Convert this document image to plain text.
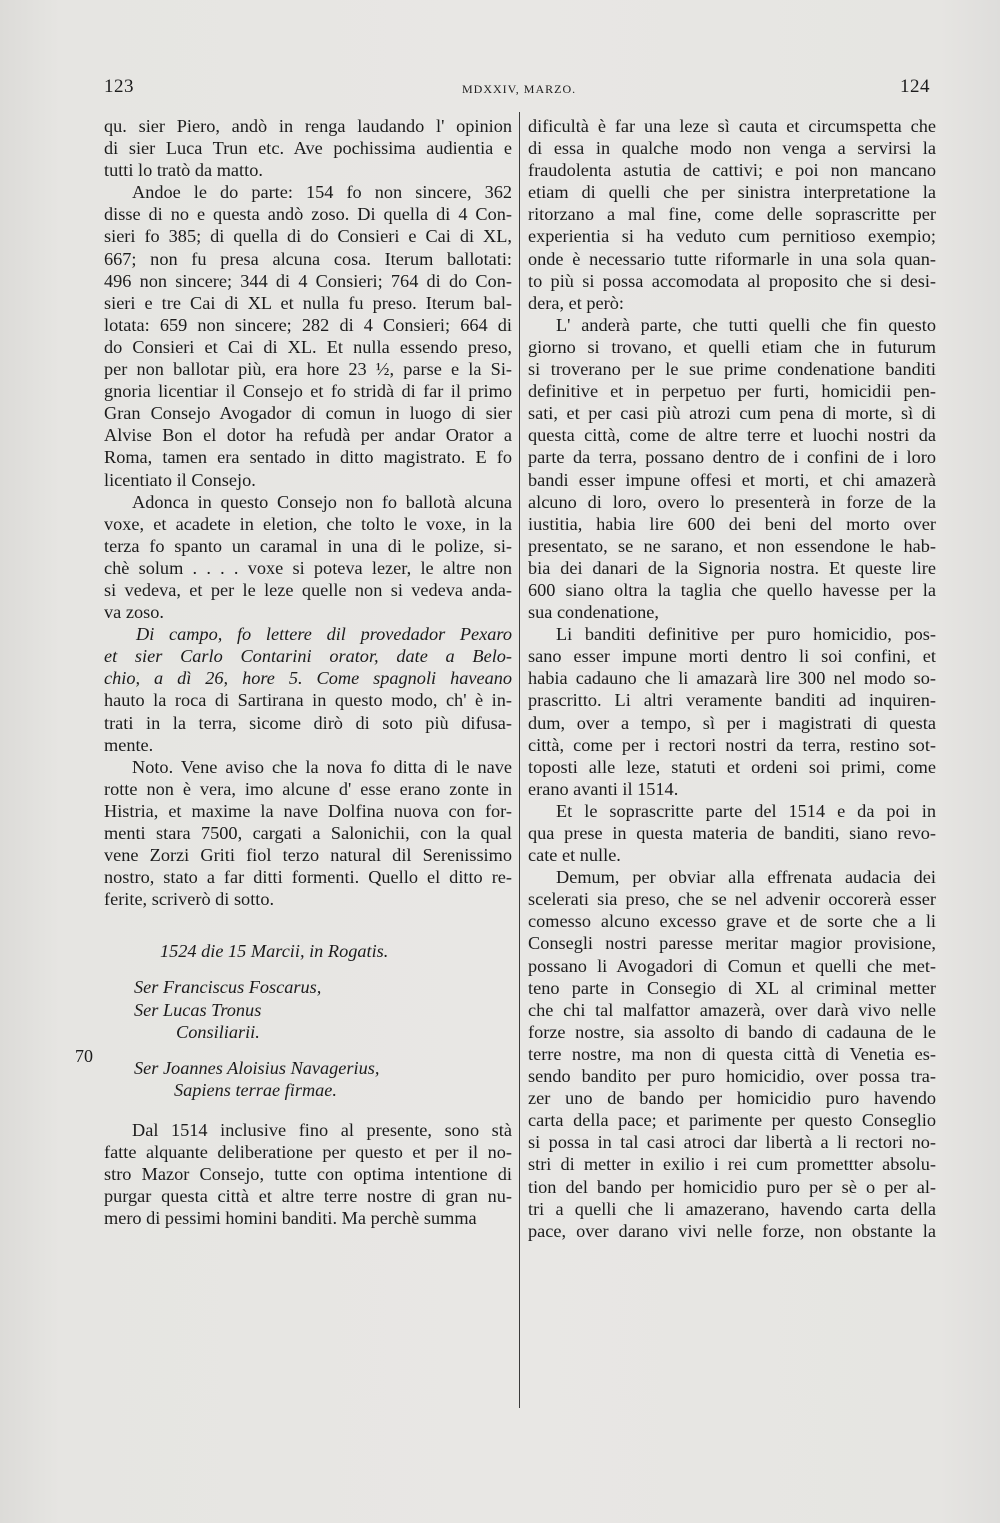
123	MDXXIV, MARZO.	124
70
qu. sier Piero, andò in renga laudando l' opinion
di sier Luca Trun etc. Ave pochissima audientia e
tutti lo tratò da matto.
Andoe le do parte: 154 fo non sincere, 362
disse di no e questa andò zoso. Di quella di 4 Con-
sieri fo 385; di quella di do Consieri e Cai di XL,
667; non fu presa alcuna cosa. Iterum ballotati:
496 non sincere; 344 di 4 Consieri; 764 di do Con-
sieri e tre Cai di XL et nulla fu preso. Iterum bal-
lotata: 659 non sincere; 282 di 4 Consieri; 664 di
do Consieri et Cai di XL. Et nulla essendo preso,
per non ballotar più, era hore 23 ½, parse e la Si-
gnoria licentiar il Consejo et fo stridà di far il primo
Gran Consejo Avogador di comun in luogo di sier
Alvise Bon el dotor ha refudà per andar Orator a
Roma, tamen era sentado in ditto magistrato. E fo
licentiato il Consejo.
Adonca in questo Consejo non fo ballotà alcuna
voxe, et acadete in eletion, che tolto le voxe, in la
terza fo spanto un caramal in una di le polize, si-
chè solum . . . . voxe si poteva lezer, le altre non
si vedeva, et per le leze quelle non si vedeva anda-
va zoso.
Di campo, fo lettere dil provedador Pexaro
et sier Carlo Contarini orator, date a Belo-
chio, a dì 26, hore 5. Come spagnoli haveano
hauto la roca di Sartirana in questo modo, ch' è in-
trati in la terra, sicome dirò di soto più difusa-
mente.
Noto. Vene aviso che la nova fo ditta di le nave
rotte non è vera, imo alcune d' esse erano zonte in
Histria, et maxime la nave Dolfina nuova con for-
menti stara 7500, cargati a Salonichii, con la qual
vene Zorzi Griti fiol terzo natural dil Serenissimo
nostro, stato a far ditti formenti. Quello el ditto re-
ferite, scriverò di sotto.
1524 die 15 Marcii, in Rogatis.
Ser Franciscus Foscarus,
Ser Lucas Tronus
Consiliarii.
Ser Joannes Aloisius Navagerius,
Sapiens terrae firmae.
Dal 1514 inclusive fino al presente, sono stà
fatte alquante deliberatione per questo et per il no-
stro Mazor Consejo, tutte con optima intentione di
purgar questa città et altre terre nostre di gran nu-
mero di pessimi homini banditi. Ma perchè summa
dificultà è far una leze sì cauta et circumspetta che
di essa in qualche modo non venga a servirsi la
fraudolenta astutia de cattivi; e poi non mancano
etiam di quelli che per sinistra interpretatione la
ritorzano a mal fine, come delle soprascritte per
experientia si ha veduto cum pernitioso exempio;
onde è necessario tutte riformarle in una sola quan-
to più si possa accomodata al proposito che si desi-
dera, et però:
L' anderà parte, che tutti quelli che fin questo
giorno si trovano, et quelli etiam che in futurum
si troverano per le sue prime condenatione banditi
definitive et in perpetuo per furti, homicidii pen-
sati, et per casi più atrozi cum pena di morte, sì di
questa città, come de altre terre et luochi nostri da
parte da terra, possano dentro de i confini de i loro
bandi esser impune offesi et morti, et chi amazerà
alcuno di loro, overo lo presenterà in forze de la
iustitia, habia lire 600 dei beni del morto over
presentato, se ne sarano, et non essendone le hab-
bia dei danari de la Signoria nostra. Et queste lire
600 siano oltra la taglia che quello havesse per la
sua condenatione,
Li banditi definitive per puro homicidio, pos-
sano esser impune morti dentro li soi confini, et
habia cadauno che li amazarà lire 300 nel modo so-
prascritto. Li altri veramente banditi ad inquiren-
dum, over a tempo, sì per i magistrati di questa
città, come per i rectori nostri da terra, restino sot-
toposti alle leze, statuti et ordeni soi primi, come
erano avanti il 1514.
Et le soprascritte parte del 1514 e da poi in
qua prese in questa materia de banditi, siano revo-
cate et nulle.
Demum, per obviar alla effrenata audacia dei
scelerati sia preso, che se nel advenir occorerà esser
comesso alcuno excesso grave et de sorte che a li
Consegli nostri paresse meritar magior provisione,
possano li Avogadori di Comun et quelli che met-
teno parte in Consegio di XL al criminal metter
che chi tal malfattor amazerà, over darà vivo nelle
forze nostre, sia assolto di bando di cadauna de le
terre nostre, ma non di questa città di Venetia es-
sendo bandito per puro homicidio, over possa tra-
zer uno de bando per homicidio puro havendo
carta della pace; et parimente per questo Conseglio
si possa in tal casi atroci dar libertà a li rectori no-
stri di metter in exilio i rei cum promettter absolu-
tion del bando per homicidio puro per sè o per al-
tri a quelli che li amazerano, havendo carta della
pace, over darano vivi nelle forze, non obstante la
